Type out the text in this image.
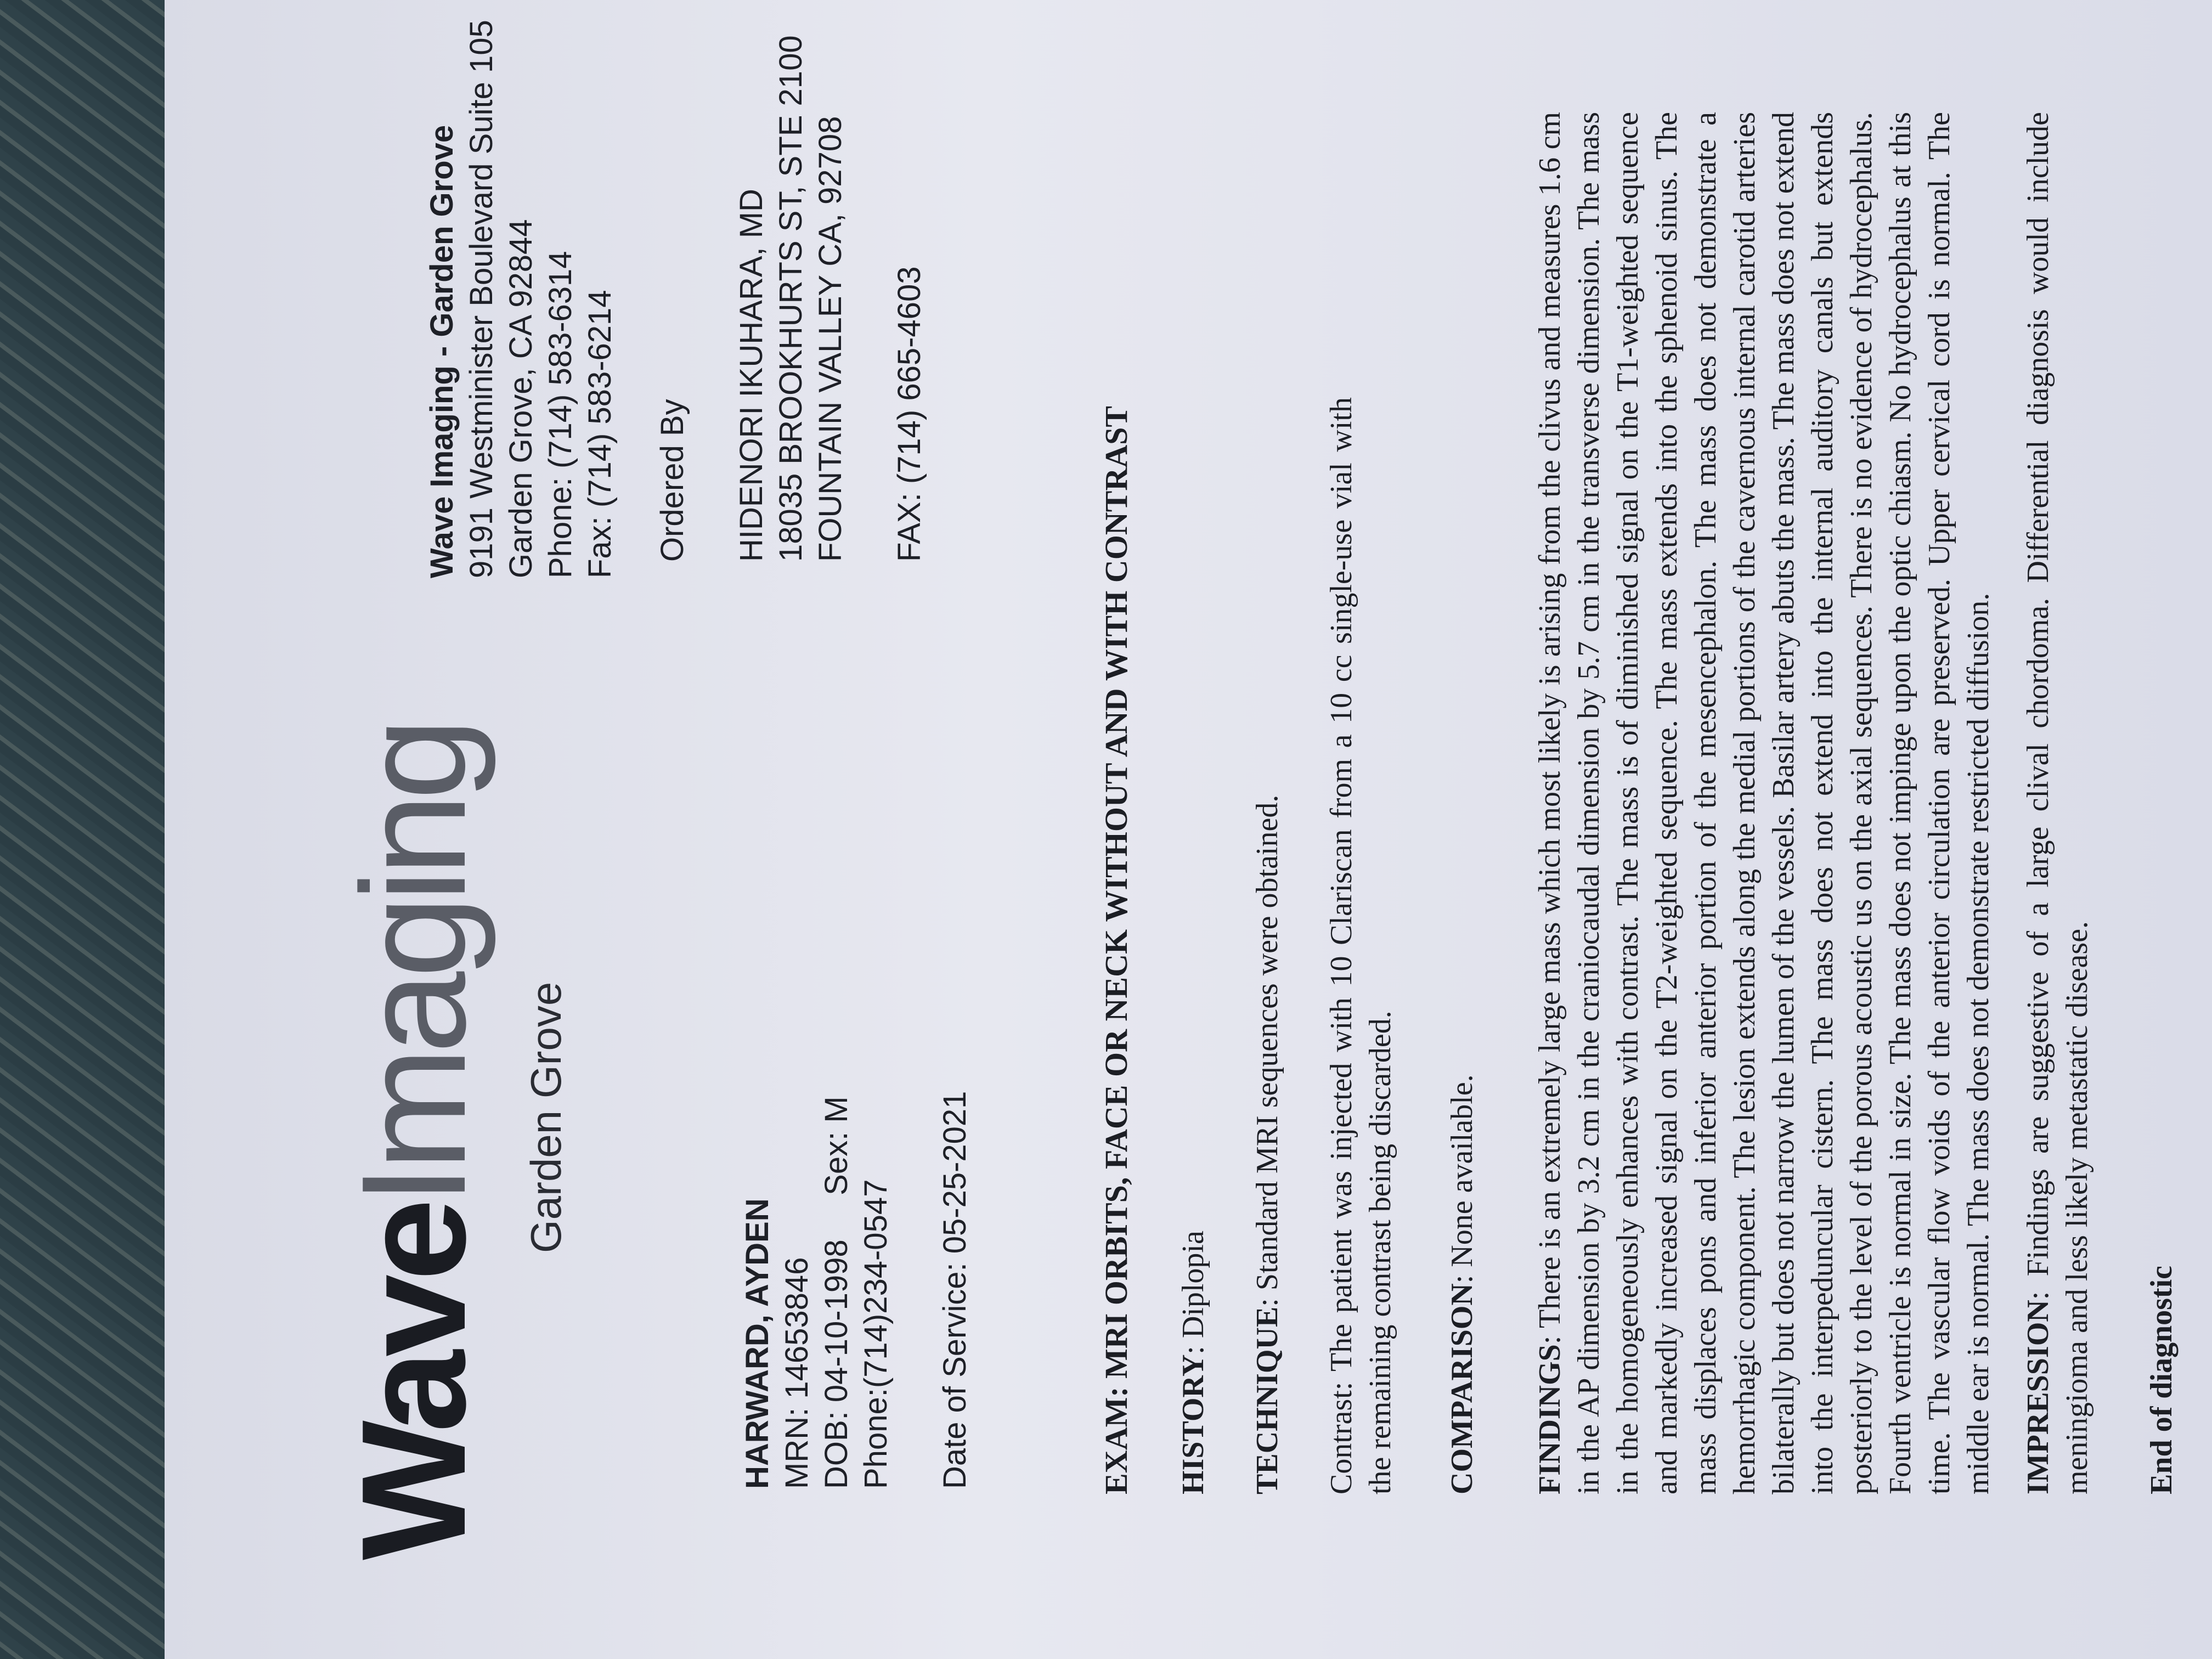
WaveImaging Garden Grove
Wave Imaging - Garden Grove 9191 Westminister Boulevard Suite 105 Garden Grove, CA 92844 Phone: (714) 583-6314 Fax: (714) 583-6214 Ordered By HIDENORI IKUHARA, MD 18035 BROOKHURTS ST, STE 2100 FOUNTAIN VALLEY CA, 92708 FAX: (714) 665-4603
HARWARD, AYDEN MRN: 14653846 DOB: 04-10-1998     Sex: M Phone:(714)234-0547 Date of Service: 05-25-2021	EXAM: MRI ORBITS, FACE OR NECK WITHOUT AND WITH CONTRAST HISTORY: Diplopia
TECHNIQUE: Standard MRI sequences were obtained. Contrast: The patient was injected with 10 Clariscan from a 10 cc single-use vial with the remaining contrast being discarded. COMPARISON: None available.
FINDINGS: There is an extremely large mass which most likely is arising from the clivus and measures 1.6 cm in the AP dimension by 3.2 cm in the craniocaudal dimension by 5.7 cm in the transverse dimension. The mass in the homogeneously enhances with contrast. The mass is of diminished signal on the T1-weighted sequence and markedly increased signal on the T2-weighted sequence. The mass extends into the sphenoid sinus. The mass displaces pons and inferior anterior portion of the mesencephalon. The mass does not demonstrate a hemorrhagic component. The lesion extends along the medial portions of the cavernous internal carotid arteries bilaterally but does not narrow the lumen of the vessels. Basilar artery abuts the mass. The mass does not extend into the interpeduncular cistern. The mass does not extend into the internal auditory canals but extends posteriorly to the level of the porous acoustic us on the axial sequences. There is no evidence of hydrocephalus. Fourth ventricle is normal in size. The mass does not impinge upon the optic chiasm. No hydrocephalus at this time. The vascular flow voids of the anterior circulation are preserved. Upper cervical cord is normal. The middle ear is normal. The mass does not demonstrate restricted diffusion. IMPRESSION: Findings are suggestive of a large clival chordoma. Differential diagnosis would include meningioma and less likely metastatic disease. End of diagnostic
